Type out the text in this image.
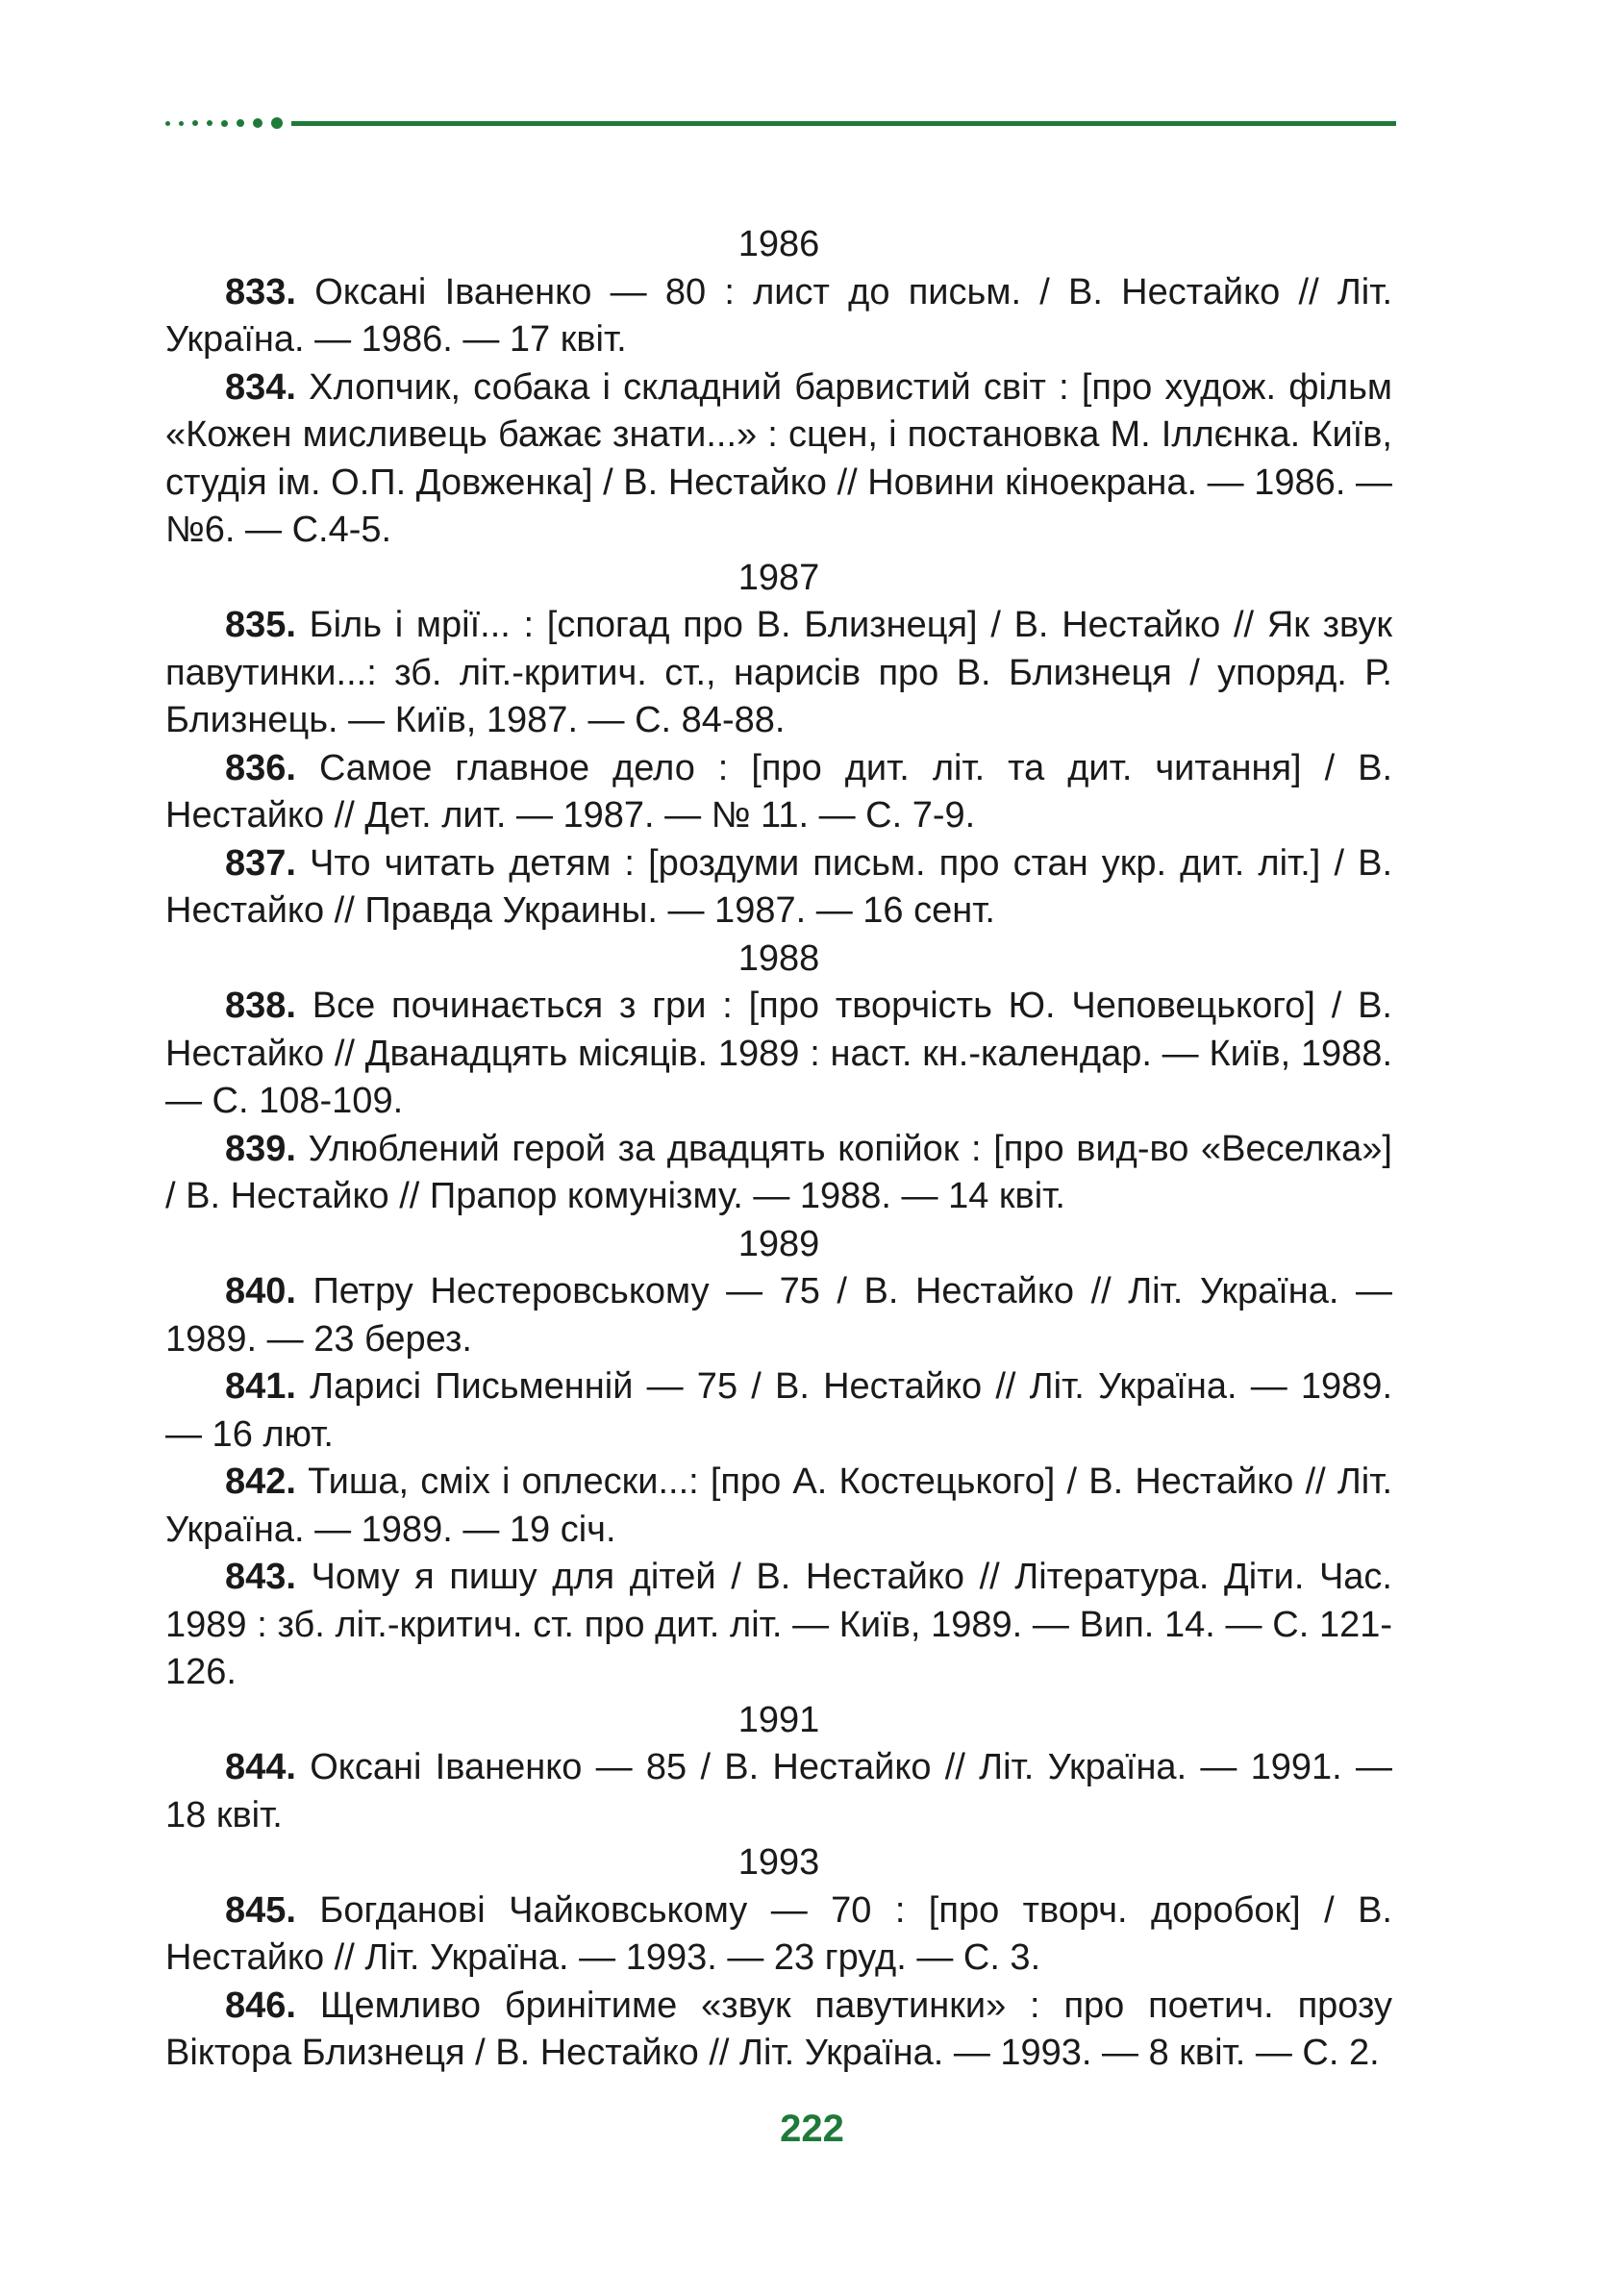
1986
833. Оксані Іваненко — 80 : лист до письм. / В. Нестайко // Літ. Україна. — 1986. — 17 квіт.
834. Хлопчик, собака і складний барвистий світ : [про худож. фільм «Кожен мисливець бажає знати...» : сцен, і постановка М. Іллєнка. Київ, студія ім. О.П. Довженка] / В. Нестайко // Новини кіноекрана. — 1986. — №6. — С.4-5.
1987
835. Біль і мрії... : [спогад про В. Близнеця] / В. Нестайко // Як звук павутинки...: зб. літ.-критич. ст., нарисів про В. Близнеця / упоряд. Р. Близнець. — Київ, 1987. — С. 84-88.
836. Самое главное дело : [про дит. літ. та дит. читання] / В. Нестайко // Дет. лит. — 1987. — № 11. — С. 7-9.
837. Что читать детям : [роздуми письм. про стан укр. дит. літ.] / В. Нестайко // Правда Украины. — 1987. — 16 сент.
1988
838. Все починається з гри : [про творчість Ю. Чеповецького] / В. Нестайко // Дванадцять місяців. 1989 : наст. кн.-календар. — Київ, 1988. — С. 108-109.
839. Улюблений герой за двадцять копійок : [про вид-во «Веселка»] / В. Нестайко // Прапор комунізму. — 1988. — 14 квіт.
1989
840. Петру Нестеровському — 75 / В. Нестайко // Літ. Україна. — 1989. — 23 берез.
841. Ларисі Письменній — 75 / В. Нестайко // Літ. Україна. — 1989. — 16 лют.
842. Тиша, сміх і оплески...: [про А. Костецького] / В. Нестайко // Літ. Україна. — 1989. — 19 січ.
843. Чому я пишу для дітей / В. Нестайко // Література. Діти. Час. 1989 : зб. літ.-критич. ст. про дит. літ. — Київ, 1989. — Вип. 14. — С. 121-126.
1991
844. Оксані Іваненко — 85 / В. Нестайко // Літ. Україна. — 1991. — 18 квіт.
1993
845. Богданові Чайковському — 70 : [про творч. доробок] / В. Нестайко // Літ. Україна. — 1993. — 23 груд. — С. 3.
846. Щемливо бринітиме «звук павутинки» : про поетич. прозу Віктора Близнеця / В. Нестайко // Літ. Україна. — 1993. — 8 квіт. — С. 2.
222
